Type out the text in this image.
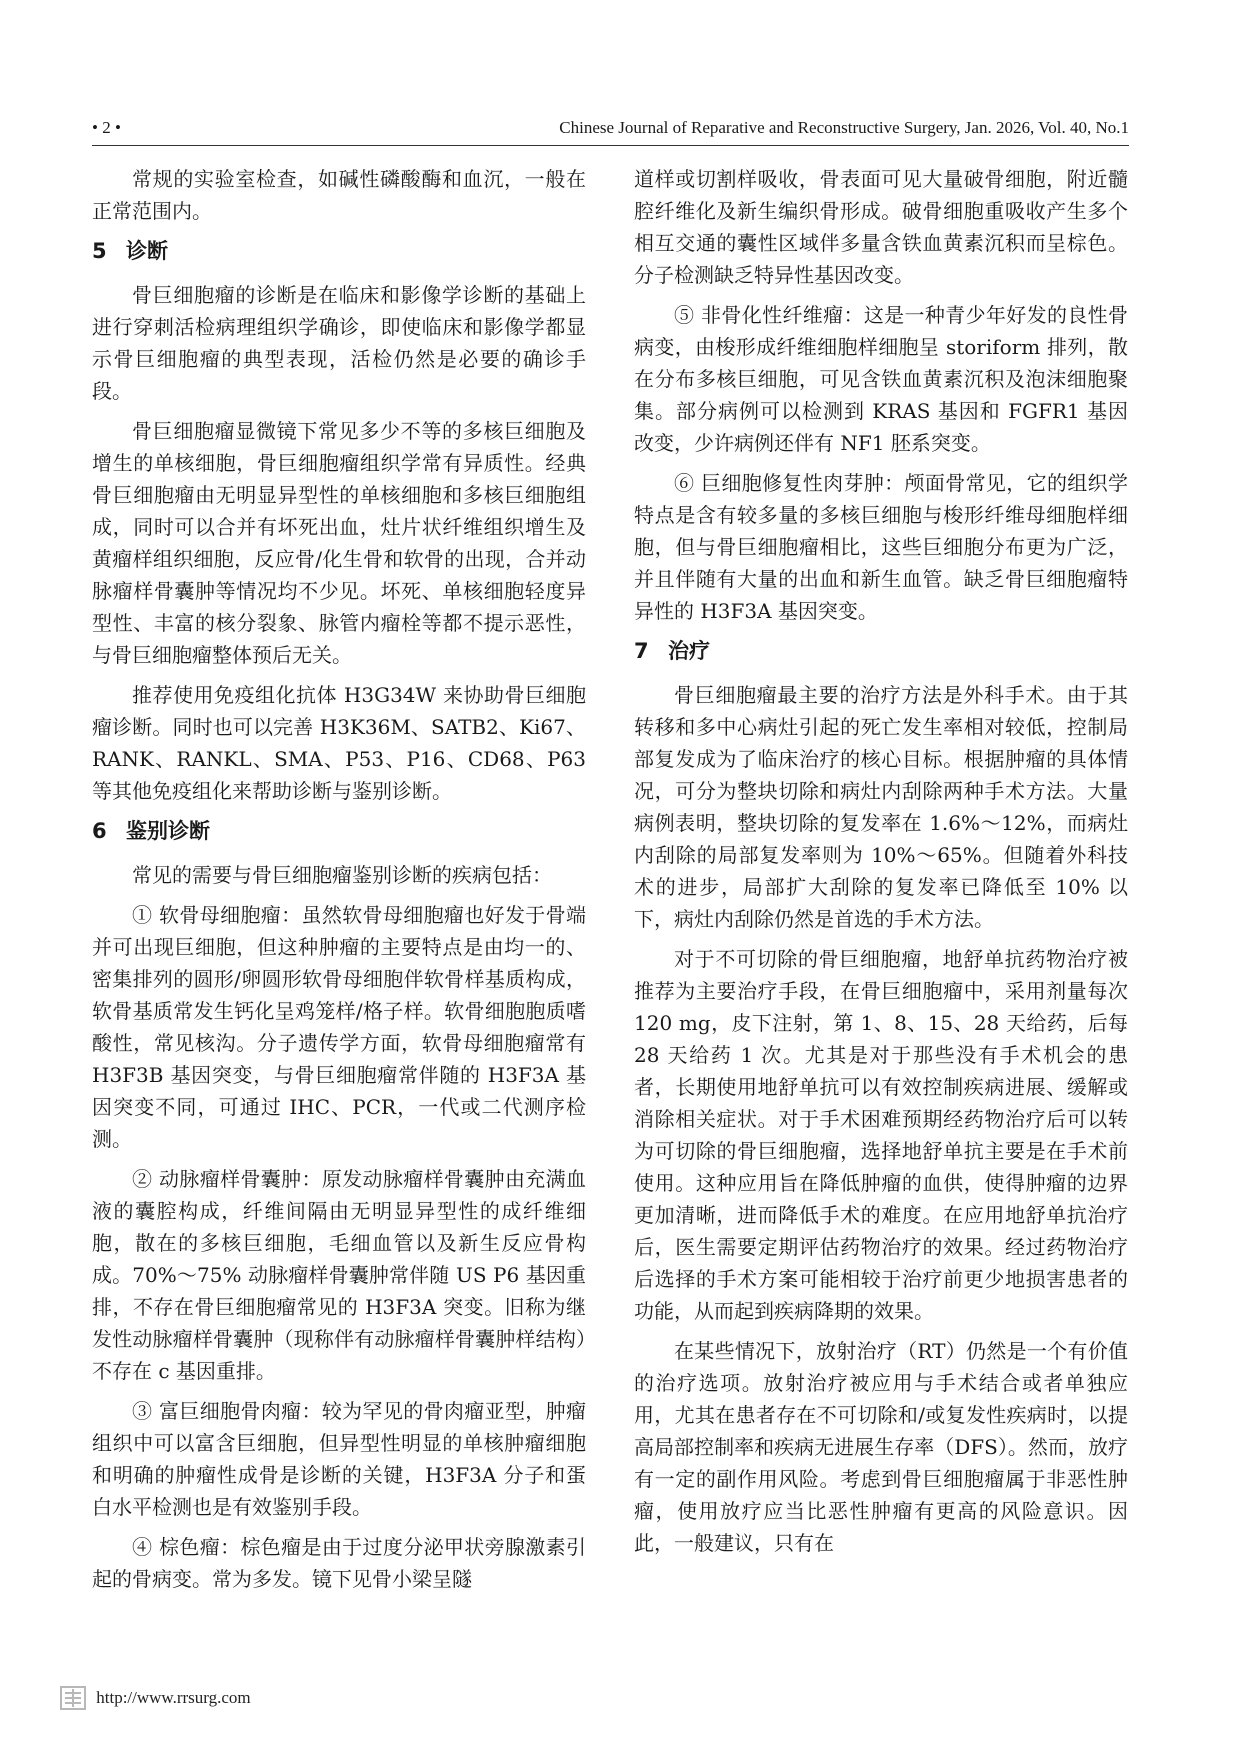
• 2 •	Chinese Journal of Reparative and Reconstructive Surgery, Jan. 2026, Vol. 40, No.1

常规的实验室检查，如碱性磷酸酶和血沉，一般在正常范围内。

5 诊断

骨巨细胞瘤的诊断是在临床和影像学诊断的基础上进行穿刺活检病理组织学确诊，即使临床和影像学都显示骨巨细胞瘤的典型表现，活检仍然是必要的确诊手段。

骨巨细胞瘤显微镜下常见多少不等的多核巨细胞及增生的单核细胞，骨巨细胞瘤组织学常有异质性。经典骨巨细胞瘤由无明显异型性的单核细胞和多核巨细胞组成，同时可以合并有坏死出血，灶片状纤维组织增生及黄瘤样组织细胞，反应骨/化生骨和软骨的出现，合并动脉瘤样骨囊肿等情况均不少见。坏死、单核细胞轻度异型性、丰富的核分裂象、脉管内瘤栓等都不提示恶性，与骨巨细胞瘤整体预后无关。

推荐使用免疫组化抗体 H3G34W 来协助骨巨细胞瘤诊断。同时也可以完善 H3K36M、SATB2、Ki67、RANK、RANKL、SMA、P53、P16、CD68、P63 等其他免疫组化来帮助诊断与鉴别诊断。

6 鉴别诊断

常见的需要与骨巨细胞瘤鉴别诊断的疾病包括：

① 软骨母细胞瘤：虽然软骨母细胞瘤也好发于骨端并可出现巨细胞，但这种肿瘤的主要特点是由均一的、密集排列的圆形/卵圆形软骨母细胞伴软骨样基质构成，软骨基质常发生钙化呈鸡笼样/格子样。软骨细胞胞质嗜酸性，常见核沟。分子遗传学方面，软骨母细胞瘤常有 H3F3B 基因突变，与骨巨细胞瘤常伴随的 H3F3A 基因突变不同，可通过 IHC、PCR，一代或二代测序检测。

② 动脉瘤样骨囊肿：原发动脉瘤样骨囊肿由充满血液的囊腔构成，纤维间隔由无明显异型性的成纤维细胞，散在的多核巨细胞，毛细血管以及新生反应骨构成。70%～75% 动脉瘤样骨囊肿常伴随 US P6 基因重排，不存在骨巨细胞瘤常见的 H3F3A 突变。旧称为继发性动脉瘤样骨囊肿（现称伴有动脉瘤样骨囊肿样结构）不存在 c 基因重排。

③ 富巨细胞骨肉瘤：较为罕见的骨肉瘤亚型，肿瘤组织中可以富含巨细胞，但异型性明显的单核肿瘤细胞和明确的肿瘤性成骨是诊断的关键，H3F3A 分子和蛋白水平检测也是有效鉴别手段。

④ 棕色瘤：棕色瘤是由于过度分泌甲状旁腺激素引起的骨病变。常为多发。镜下见骨小梁呈隧

道样或切割样吸收，骨表面可见大量破骨细胞，附近髓腔纤维化及新生编织骨形成。破骨细胞重吸收产生多个相互交通的囊性区域伴多量含铁血黄素沉积而呈棕色。分子检测缺乏特异性基因改变。

⑤ 非骨化性纤维瘤：这是一种青少年好发的良性骨病变，由梭形成纤维细胞样细胞呈 storiform 排列，散在分布多核巨细胞，可见含铁血黄素沉积及泡沫细胞聚集。部分病例可以检测到 KRAS 基因和 FGFR1 基因改变，少许病例还伴有 NF1 胚系突变。

⑥ 巨细胞修复性肉芽肿：颅面骨常见，它的组织学特点是含有较多量的多核巨细胞与梭形纤维母细胞样细胞，但与骨巨细胞瘤相比，这些巨细胞分布更为广泛，并且伴随有大量的出血和新生血管。缺乏骨巨细胞瘤特异性的 H3F3A 基因突变。

7 治疗

骨巨细胞瘤最主要的治疗方法是外科手术。由于其转移和多中心病灶引起的死亡发生率相对较低，控制局部复发成为了临床治疗的核心目标。根据肿瘤的具体情况，可分为整块切除和病灶内刮除两种手术方法。大量病例表明，整块切除的复发率在 1.6%～12%，而病灶内刮除的局部复发率则为 10%～65%。但随着外科技术的进步，局部扩大刮除的复发率已降低至 10% 以下，病灶内刮除仍然是首选的手术方法。

对于不可切除的骨巨细胞瘤，地舒单抗药物治疗被推荐为主要治疗手段，在骨巨细胞瘤中，采用剂量每次 120 mg，皮下注射，第 1、8、15、28 天给药，后每 28 天给药 1 次。尤其是对于那些没有手术机会的患者，长期使用地舒单抗可以有效控制疾病进展、缓解或消除相关症状。对于手术困难预期经药物治疗后可以转为可切除的骨巨细胞瘤，选择地舒单抗主要是在手术前使用。这种应用旨在降低肿瘤的血供，使得肿瘤的边界更加清晰，进而降低手术的难度。在应用地舒单抗治疗后，医生需要定期评估药物治疗的效果。经过药物治疗后选择的手术方案可能相较于治疗前更少地损害患者的功能，从而起到疾病降期的效果。

在某些情况下，放射治疗（RT）仍然是一个有价值的治疗选项。放射治疗被应用与手术结合或者单独应用，尤其在患者存在不可切除和/或复发性疾病时，以提高局部控制率和疾病无进展生存率（DFS）。然而，放疗有一定的副作用风险。考虑到骨巨细胞瘤属于非恶性肿瘤，使用放疗应当比恶性肿瘤有更高的风险意识。因此，一般建议，只有在

http://www.rrsurg.com
